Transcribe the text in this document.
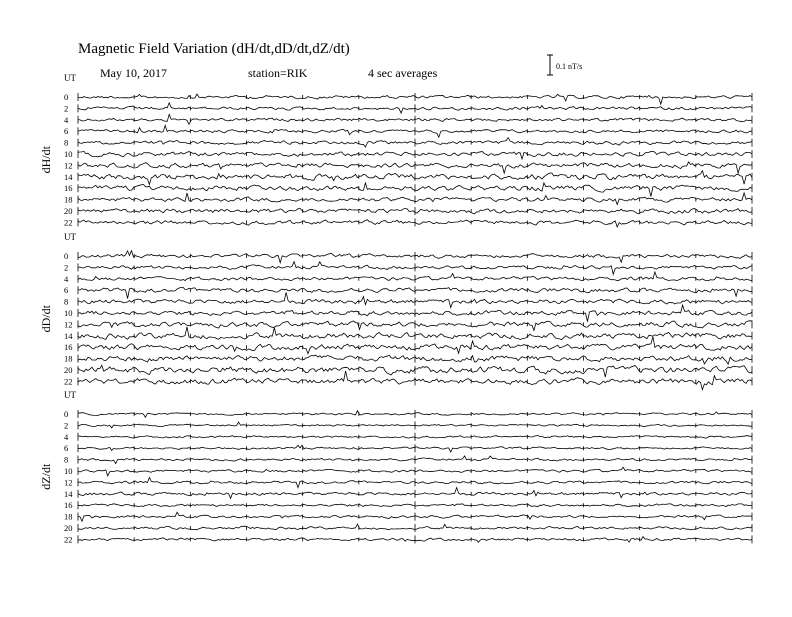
Magnetic Field Variation (dH/dt,dD/dt,dZ/dt)
May 10, 2017	station=RIK	4 sec averages	0.1 nT/s
UT
dH/dt
0
2
4
6
8
10
12
14
16
18
20
22
UT
dD/dt
0
2
4
6
8
10
12
14
16
18
20
22
UT
dZ/dt
0
2
4
6
8
10
12
14
16
18
20
22
